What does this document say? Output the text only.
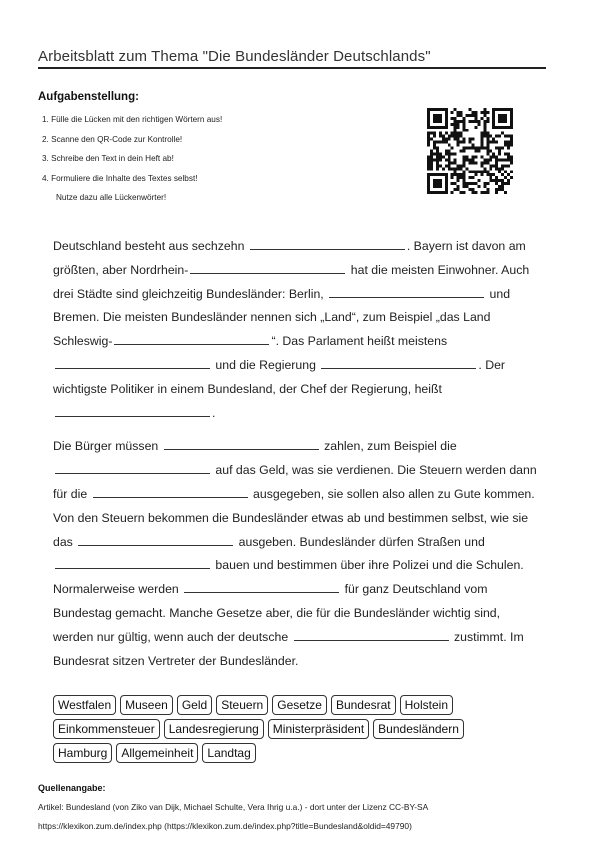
Arbeitsblatt zum Thema "Die Bundesländer Deutschlands"
Aufgabenstellung:
1. Fülle die Lücken mit den richtigen Wörtern aus!
2. Scanne den QR-Code zur Kontrolle!
3. Schreibe den Text in dein Heft ab!
4. Formuliere die Inhalte des Textes selbst!
Nutze dazu alle Lückenwörter!

Deutschland besteht aus sechzehn	. Bayern ist davon am größten, aber Nordrhein-	hat die meisten Einwohner. Auch drei Städte sind gleichzeitig Bundesländer: Berlin,	und Bremen. Die meisten Bundesländer nennen sich „Land“, zum Beispiel „das Land Schleswig-	“. Das Parlament heißt meistens  und die Regierung	. Der wichtigste Politiker in einem Bundesland, der Chef der Regierung, heißt .

Die Bürger müssen	zahlen, zum Beispiel die  auf das Geld, was sie verdienen. Die Steuern werden dann für die	ausgegeben, sie sollen also allen zu Gute kommen. Von den Steuern bekommen die Bundesländer etwas ab und bestimmen selbst, wie sie das	ausgeben. Bundesländer dürfen Straßen und  bauen und bestimmen über ihre Polizei und die Schulen.

Normalerweise werden	für ganz Deutschland vom Bundestag gemacht. Manche Gesetze aber, die für die Bundesländer wichtig sind, werden nur gültig, wenn auch der deutsche	zustimmt. Im Bundesrat sitzen Vertreter der Bundesländer.

Westfalen	Museen	Geld	Steuern	Gesetze	Bundesrat	Holstein
Einkommensteuer	Landesregierung	Ministerpräsident	Bundesländern
Hamburg	Allgemeinheit	Landtag
Quellenangabe:
Artikel: Bundesland (von Ziko van Dijk, Michael Schulte, Vera Ihrig u.a.) - dort unter der Lizenz CC-BY-SA
https://klexikon.zum.de/index.php (https://klexikon.zum.de/index.php?title=Bundesland&oldid=49790)
